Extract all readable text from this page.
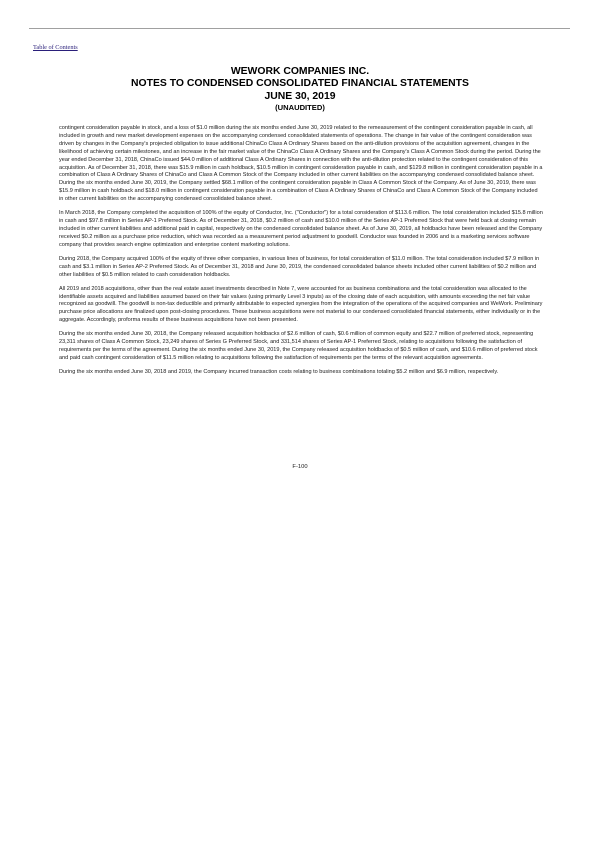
Table of Contents
WEWORK COMPANIES INC.
NOTES TO CONDENSED CONSOLIDATED FINANCIAL STATEMENTS
JUNE 30, 2019
(UNAUDITED)

contingent consideration payable in stock, and a loss of $1.0 million during the six months ended June 30, 2019 related to the remeasurement of the contingent consideration payable in cash, all included in growth and new market development expenses on the accompanying condensed consolidated statements of operations. The change in fair value of the contingent consideration was driven by changes in the Company's projected obligation to issue additional ChinaCo Class A Ordinary Shares based on the anti-dilution provisions of the acquisition agreement, changes in the likelihood of achieving certain milestones, and an increase in the fair market value of the ChinaCo Class A Ordinary Shares and the Company's Class A Common Stock during the period. During the year ended December 31, 2018, ChinaCo issued $44.0 million of additional Class A Ordinary Shares in connection with the anti-dilution protection related to the contingent consideration of this acquisition. As of December 31, 2018, there was $15.9 million in cash holdback, $10.5 million in contingent consideration payable in cash, and $129.8 million in contingent consideration payable in a combination of Class A Ordinary Shares of ChinaCo and Class A Common Stock of the Company included in other current liabilities on the accompanying condensed consolidated balance sheet. During the six months ended June 30, 2019, the Company settled $68.1 million of the contingent consideration payable in Class A Common Stock of the Company. As of June 30, 2019, there was $15.9 million in cash holdback and $18.0 million in contingent consideration payable in a combination of Class A Ordinary Shares of ChinaCo and Class A Common Stock of the Company included in other current liabilities on the accompanying condensed consolidated balance sheet.

In March 2018, the Company completed the acquisition of 100% of the equity of Conductor, Inc. ("Conductor") for a total consideration of $113.6 million. The total consideration included $15.8 million in cash and $97.8 million in Series AP-1 Preferred Stock. As of December 31, 2018, $0.2 million of cash and $10.0 million of the Series AP-1 Preferred Stock that were held back at closing remain included in other current liabilities and additional paid in capital, respectively on the condensed consolidated balance sheet. As of June 30, 2019, all holdbacks have been released and the Company received $0.2 million as a purchase price reduction, which was recorded as a measurement period adjustment to goodwill. Conductor was founded in 2006 and is a marketing services software company that provides search engine optimization and enterprise content marketing solutions.

During 2018, the Company acquired 100% of the equity of three other companies, in various lines of business, for total consideration of $11.0 million. The total consideration included $7.9 million in cash and $3.1 million in Series AP-2 Preferred Stock. As of December 31, 2018 and June 30, 2019, the condensed consolidated balance sheets included other current liabilities of $0.2 million and other liabilities of $0.5 million related to cash consideration holdbacks.

All 2019 and 2018 acquisitions, other than the real estate asset investments described in Note 7, were accounted for as business combinations and the total consideration was allocated to the identifiable assets acquired and liabilities assumed based on their fair values (using primarily Level 3 inputs) as of the closing date of each acquisition, with amounts exceeding the net fair value recognized as goodwill. The goodwill is non-tax deductible and primarily attributable to expected synergies from the integration of the operations of the acquired companies and WeWork. Preliminary purchase price allocations are finalized upon post-closing procedures. These business acquisitions were not material to our condensed consolidated financial statements, either individually or in the aggregate. Accordingly, proforma results of these business acquisitions have not been presented.

During the six months ended June 30, 2018, the Company released acquisition holdbacks of $2.6 million of cash, $0.6 million of common equity and $22.7 million of preferred stock, representing 23,311 shares of Class A Common Stock, 23,249 shares of Series G Preferred Stock, and 331,514 shares of Series AP-1 Preferred Stock, relating to acquisitions following the satisfaction of requirements per the terms of the agreement. During the six months ended June 30, 2019, the Company released acquisition holdbacks of $0.5 million of cash, and $10.6 million of preferred stock and paid cash contingent consideration of $11.5 million relating to acquisitions following the satisfaction of requirements per the terms of the relevant acquisition agreements.

During the six months ended June 30, 2018 and 2019, the Company incurred transaction costs relating to business combinations totaling $5.2 million and $6.9 million, respectively.

F-100
